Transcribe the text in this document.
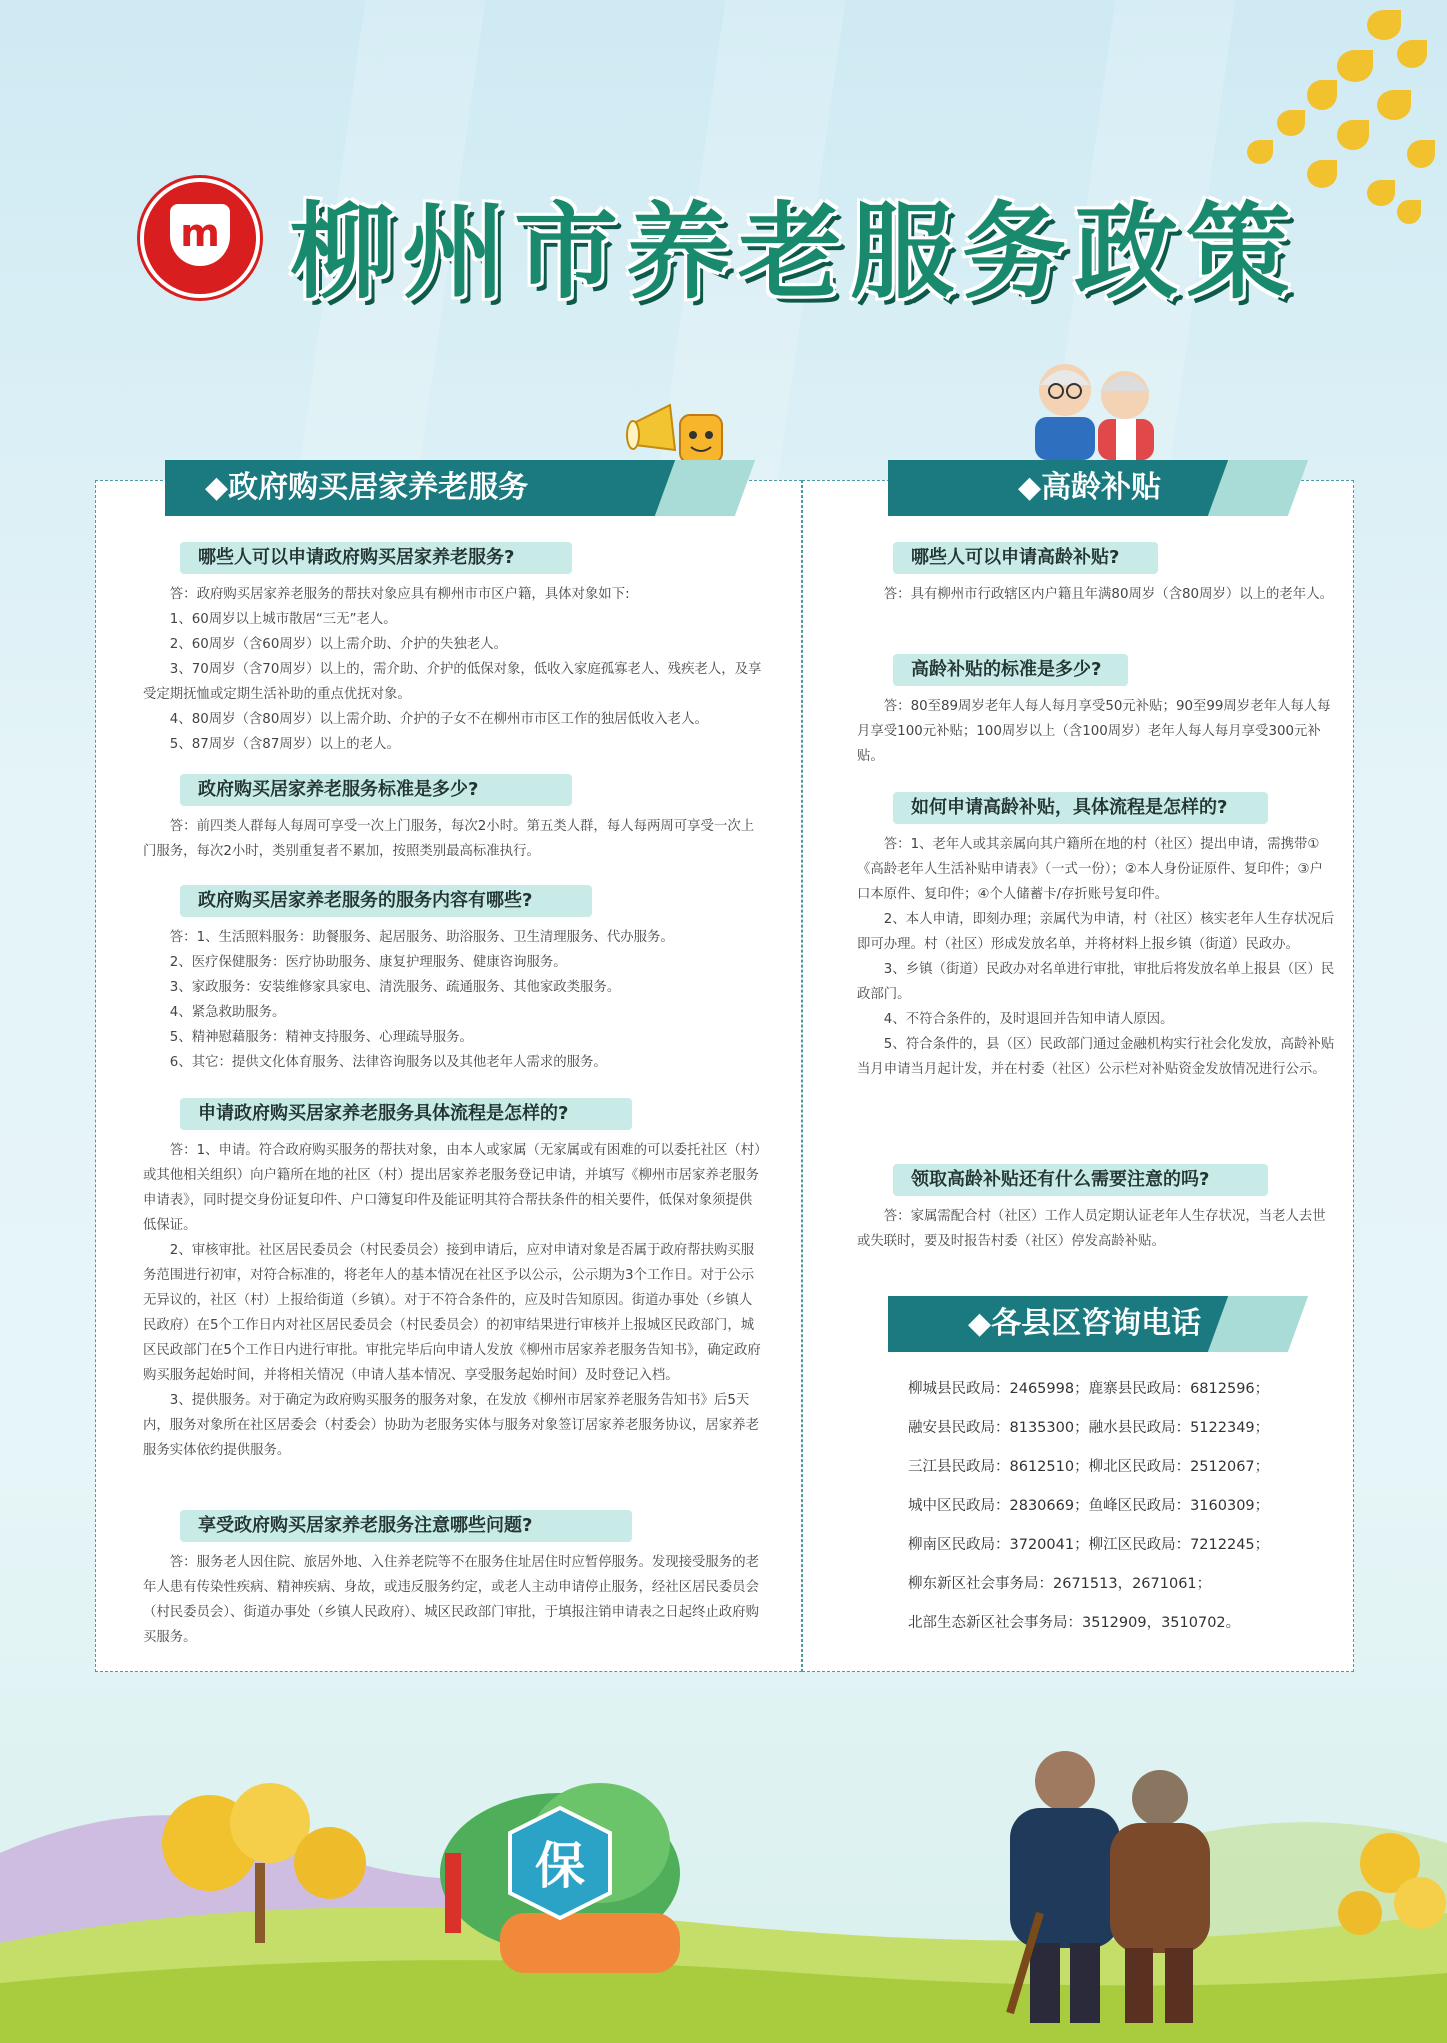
m 柳州市养老服务政策
◆政府购买居家养老服务
哪些人可以申请政府购买居家养老服务?

答：政府购买居家养老服务的帮扶对象应具有柳州市市区户籍，具体对象如下:

1、60周岁以上城市散居“三无”老人。

2、60周岁（含60周岁）以上需介助、介护的失独老人。

3、70周岁（含70周岁）以上的，需介助、介护的低保对象，低收入家庭孤寡老人、残疾老人，及享受定期抚恤或定期生活补助的重点优抚对象。

4、80周岁（含80周岁）以上需介助、介护的子女不在柳州市市区工作的独居低收入老人。

5、87周岁（含87周岁）以上的老人。

政府购买居家养老服务标准是多少?

答：前四类人群每人每周可享受一次上门服务，每次2小时。第五类人群，每人每两周可享受一次上门服务，每次2小时，类别重复者不累加，按照类别最高标准执行。

政府购买居家养老服务的服务内容有哪些?

答：1、生活照料服务：助餐服务、起居服务、助浴服务、卫生清理服务、代办服务。

2、医疗保健服务：医疗协助服务、康复护理服务、健康咨询服务。

3、家政服务：安装维修家具家电、清洗服务、疏通服务、其他家政类服务。

4、紧急救助服务。

5、精神慰藉服务：精神支持服务、心理疏导服务。

6、其它：提供文化体育服务、法律咨询服务以及其他老年人需求的服务。

申请政府购买居家养老服务具体流程是怎样的?

答：1、申请。符合政府购买服务的帮扶对象，由本人或家属（无家属或有困难的可以委托社区（村）或其他相关组织）向户籍所在地的社区（村）提出居家养老服务登记申请，并填写《柳州市居家养老服务申请表》，同时提交身份证复印件、户口簿复印件及能证明其符合帮扶条件的相关要件，低保对象须提供低保证。

2、审核审批。社区居民委员会（村民委员会）接到申请后，应对申请对象是否属于政府帮扶购买服务范围进行初审，对符合标准的，将老年人的基本情况在社区予以公示，公示期为3个工作日。对于公示无异议的，社区（村）上报给街道（乡镇）。对于不符合条件的，应及时告知原因。街道办事处（乡镇人民政府）在5个工作日内对社区居民委员会（村民委员会）的初审结果进行审核并上报城区民政部门，城区民政部门在5个工作日内进行审批。审批完毕后向申请人发放《柳州市居家养老服务告知书》，确定政府购买服务起始时间，并将相关情况（申请人基本情况、享受服务起始时间）及时登记入档。

3、提供服务。对于确定为政府购买服务的服务对象，在发放《柳州市居家养老服务告知书》后5天内，服务对象所在社区居委会（村委会）协助为老服务实体与服务对象签订居家养老服务协议，居家养老服务实体依约提供服务。

享受政府购买居家养老服务注意哪些问题?

答：服务老人因住院、旅居外地、入住养老院等不在服务住址居住时应暂停服务。发现接受服务的老年人患有传染性疾病、精神疾病、身故，或违反服务约定，或老人主动申请停止服务，经社区居民委员会（村民委员会）、街道办事处（乡镇人民政府）、城区民政部门审批，于填报注销申请表之日起终止政府购买服务。

◆高龄补贴
哪些人可以申请高龄补贴?

答：具有柳州市行政辖区内户籍且年满80周岁（含80周岁）以上的老年人。

高龄补贴的标准是多少?

答：80至89周岁老年人每人每月享受50元补贴；90至99周岁老年人每人每月享受100元补贴；100周岁以上（含100周岁）老年人每人每月享受300元补贴。

如何申请高龄补贴，具体流程是怎样的?

答：1、老年人或其亲属向其户籍所在地的村（社区）提出申请，需携带①《高龄老年人生活补贴申请表》（一式一份）；②本人身份证原件、复印件；③户口本原件、复印件；④个人储蓄卡/存折账号复印件。

2、本人申请，即刻办理；亲属代为申请，村（社区）核实老年人生存状况后即可办理。村（社区）形成发放名单，并将材料上报乡镇（街道）民政办。

3、乡镇（街道）民政办对名单进行审批，审批后将发放名单上报县（区）民政部门。

4、不符合条件的，及时退回并告知申请人原因。

5、符合条件的，县（区）民政部门通过金融机构实行社会化发放，高龄补贴当月申请当月起计发，并在村委（社区）公示栏对补贴资金发放情况进行公示。

领取高龄补贴还有什么需要注意的吗?

答：家属需配合村（社区）工作人员定期认证老年人生存状况，当老人去世或失联时，要及时报告村委（社区）停发高龄补贴。

◆各县区咨询电话
柳城县民政局：2465998；鹿寨县民政局：6812596；
融安县民政局：8135300；融水县民政局：5122349；
三江县民政局：8612510；柳北区民政局：2512067；
城中区民政局：2830669；鱼峰区民政局：3160309；
柳南区民政局：3720041；柳江区民政局：7212245；
柳东新区社会事务局：2671513，2671061；
北部生态新区社会事务局：3512909，3510702。
保
